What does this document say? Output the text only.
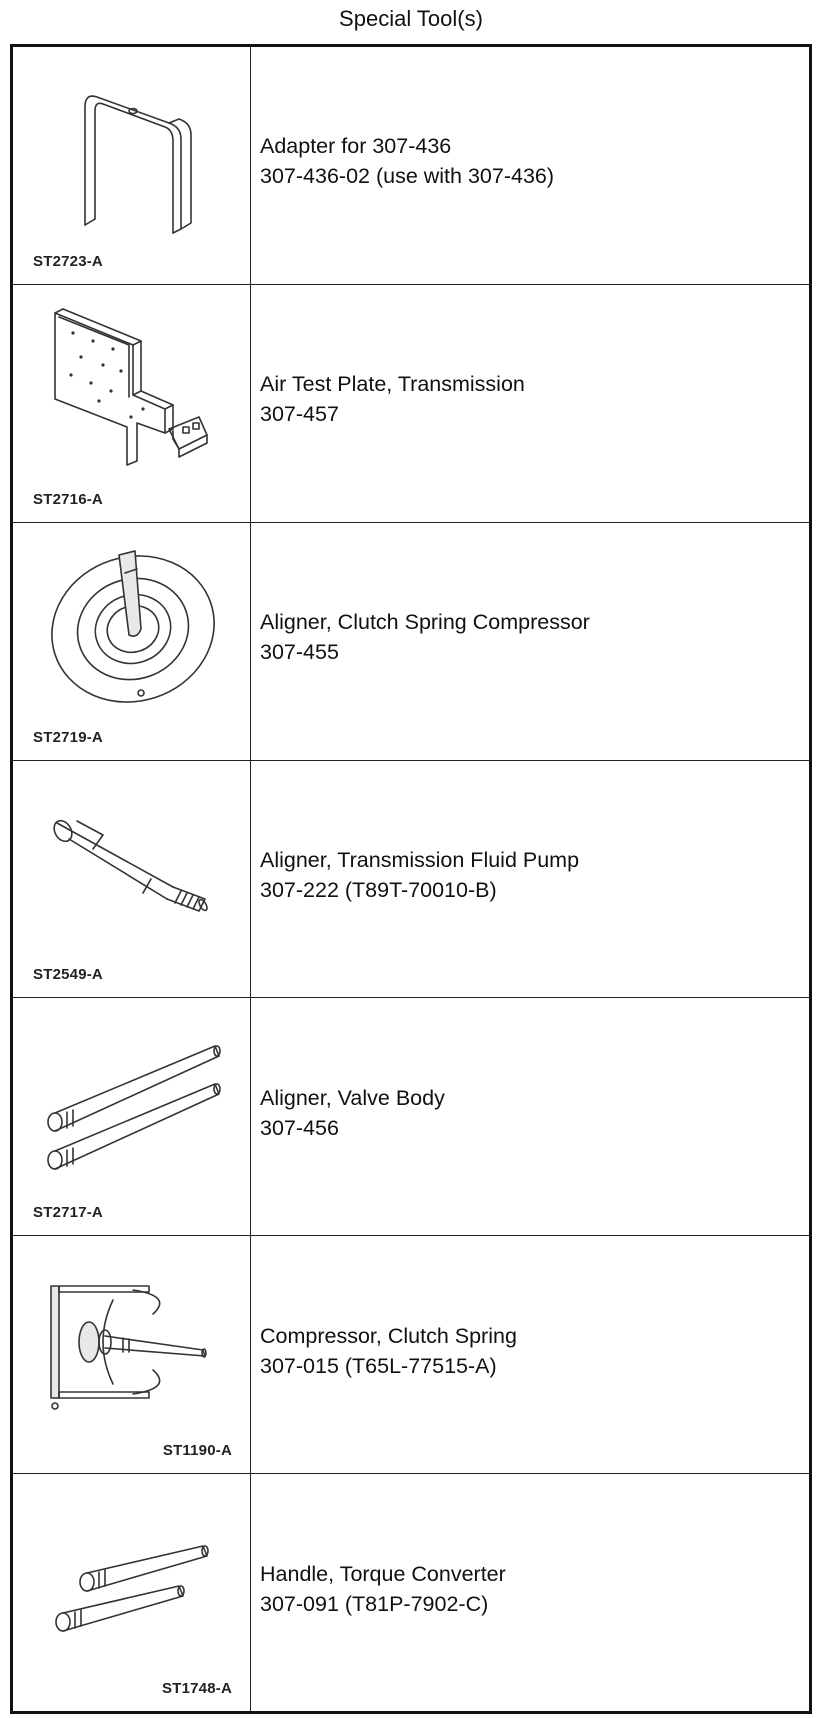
Special Tool(s)
ST2723-A
Adapter for 307-436
307-436-02 (use with 307-436)
ST2716-A
Air Test Plate, Transmission
307-457
ST2719-A
Aligner, Clutch Spring Compressor
307-455
ST2549-A
Aligner, Transmission Fluid Pump
307-222 (T89T-70010-B)
ST2717-A
Aligner, Valve Body
307-456
ST1190-A
Compressor, Clutch Spring
307-015 (T65L-77515-A)
ST1748-A
Handle, Torque Converter
307-091 (T81P-7902-C)
